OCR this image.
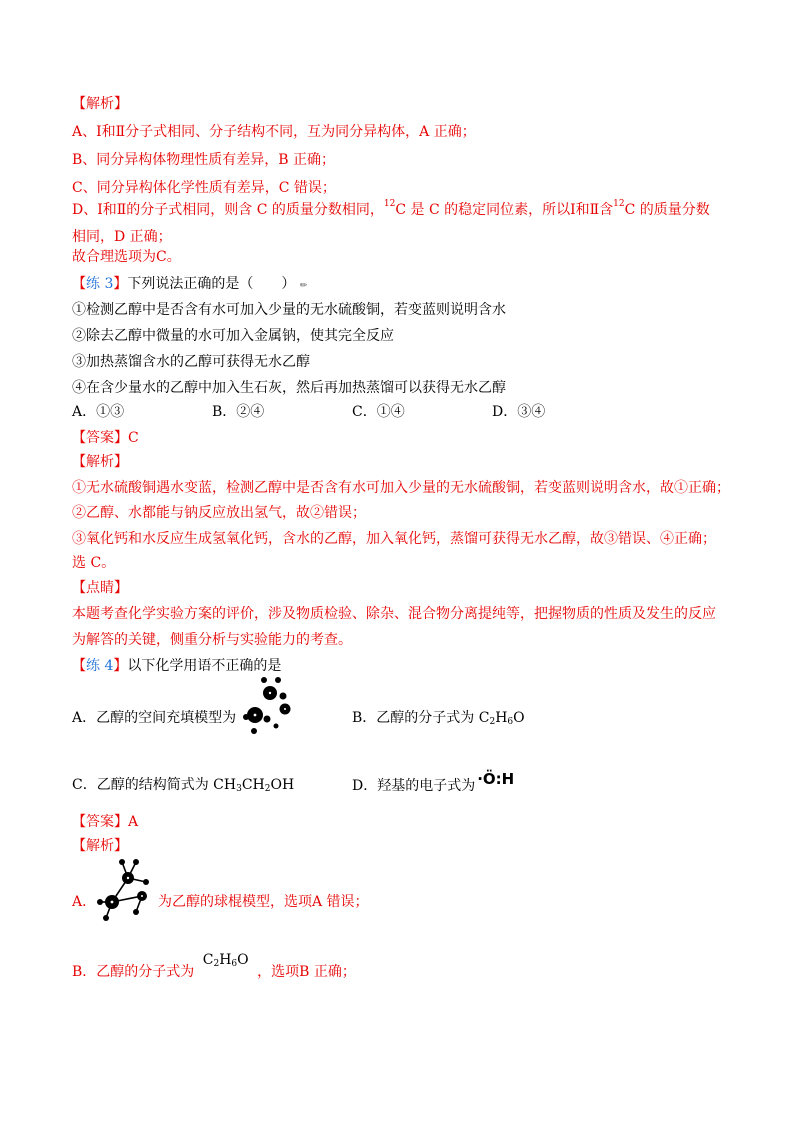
【解析】
A、Ⅰ和Ⅱ分子式相同、分子结构不同，互为同分异构体，A 正确；
B、同分异构体物理性质有差异，B 正确；
C、同分异构体化学性质有差异，C 错误；
D、Ⅰ和Ⅱ的分子式相同，则含 C 的质量分数相同，$^{12}$C 是 C 的稳定同位素，所以Ⅰ和Ⅱ含$^{12}$C 的质量分数
相同，D 正确；
故合理选项为C。
【练 3】下列说法正确的是（　　） ✏
①检测乙醇中是否含有水可加入少量的无水硫酸铜，若变蓝则说明含水
②除去乙醇中微量的水可加入金属钠，使其完全反应
③加热蒸馏含水的乙醇可获得无水乙醇
④在含少量水的乙醇中加入生石灰，然后再加热蒸馏可以获得无水乙醇
A．①③	B．②④	C．①④	D．③④
【答案】C
【解析】
①无水硫酸铜遇水变蓝，检测乙醇中是否含有水可加入少量的无水硫酸铜，若变蓝则说明含水，故①正确；
②乙醇、水都能与钠反应放出氢气，故②错误；
③氧化钙和水反应生成氢氧化钙，含水的乙醇，加入氧化钙，蒸馏可获得无水乙醇，故③错误、④正确；
选 C。
【点睛】
本题考查化学实验方案的评价，涉及物质检验、除杂、混合物分离提纯等，把握物质的性质及发生的反应
为解答的关键，侧重分析与实验能力的考查。
【练 4】以下化学用语不正确的是
A．乙醇的空间充填模型为	B．乙醇的分子式为 $C_2H_6O$
C．乙醇的结构简式为 $CH_3CH_2OH$	D．羟基的电子式为 ·Ö:H
【答案】A
【解析】
A．	为乙醇的球棍模型，选项A 错误；
B．乙醇的分子式为 $C_2H_6O$ ，选项B 正确；
